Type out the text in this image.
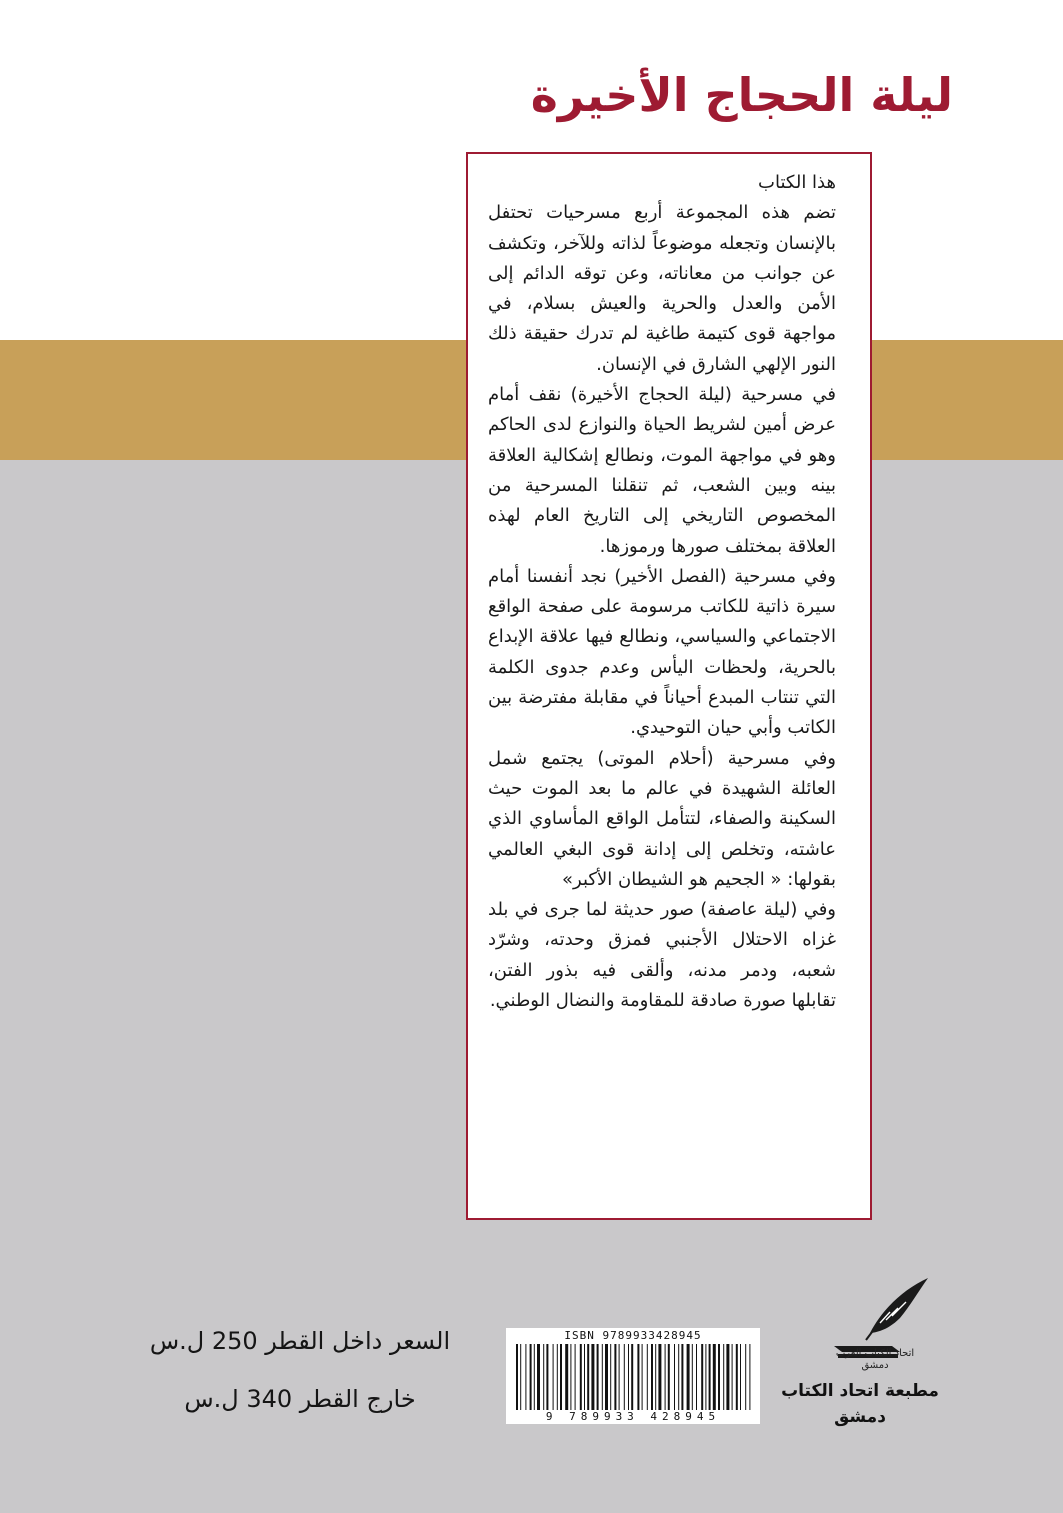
ليلة الحجاج الأخيرة

هذا الكتاب

تضم هذه المجموعة أربع مسرحيات تحتفل بالإنسان وتجعله موضوعاً لذاته وللآخر، وتكشف عن جوانب من معاناته، وعن توقه الدائم إلى الأمن والعدل والحرية والعيش بسلام، في مواجهة قوى كتيمة طاغية لم تدرك حقيقة ذلك النور الإلهي الشارق في الإنسان.

في مسرحية (ليلة الحجاج الأخيرة) نقف أمام عرض أمين لشريط الحياة والنوازع لدى الحاكم وهو في مواجهة الموت، ونطالع إشكالية العلاقة بينه وبين الشعب، ثم تنقلنا المسرحية من المخصوص التاريخي إلى التاريخ العام لهذه العلاقة بمختلف صورها ورموزها.

وفي مسرحية (الفصل الأخير) نجد أنفسنا أمام سيرة ذاتية للكاتب مرسومة على صفحة الواقع الاجتماعي والسياسي، ونطالع فيها علاقة الإبداع بالحرية، ولحظات اليأس وعدم جدوى الكلمة التي تنتاب المبدع أحياناً في مقابلة مفترضة بين الكاتب وأبي حيان التوحيدي.

وفي مسرحية (أحلام الموتى) يجتمع شمل العائلة الشهيدة في عالم ما بعد الموت حيث السكينة والصفاء، لتتأمل الواقع المأساوي الذي عاشته، وتخلص إلى إدانة قوى البغي العالمي بقولها: « الجحيم هو الشيطان الأكبر»

وفي (ليلة عاصفة) صور حديثة لما جرى في بلد غزاه الاحتلال الأجنبي فمزق وحدته، وشرّد شعبه، ودمر مدنه، وألقى فيه بذور الفتن، تقابلها صورة صادقة للمقاومة والنضال الوطني.

اتحاد الكتاب العرب
دمشق
مطبعة اتحاد الكتاب
دمشق
ISBN 9789933428945
9 789933 428945

السعر داخل القطر 250 ل.س

خارج القطر 340 ل.س
